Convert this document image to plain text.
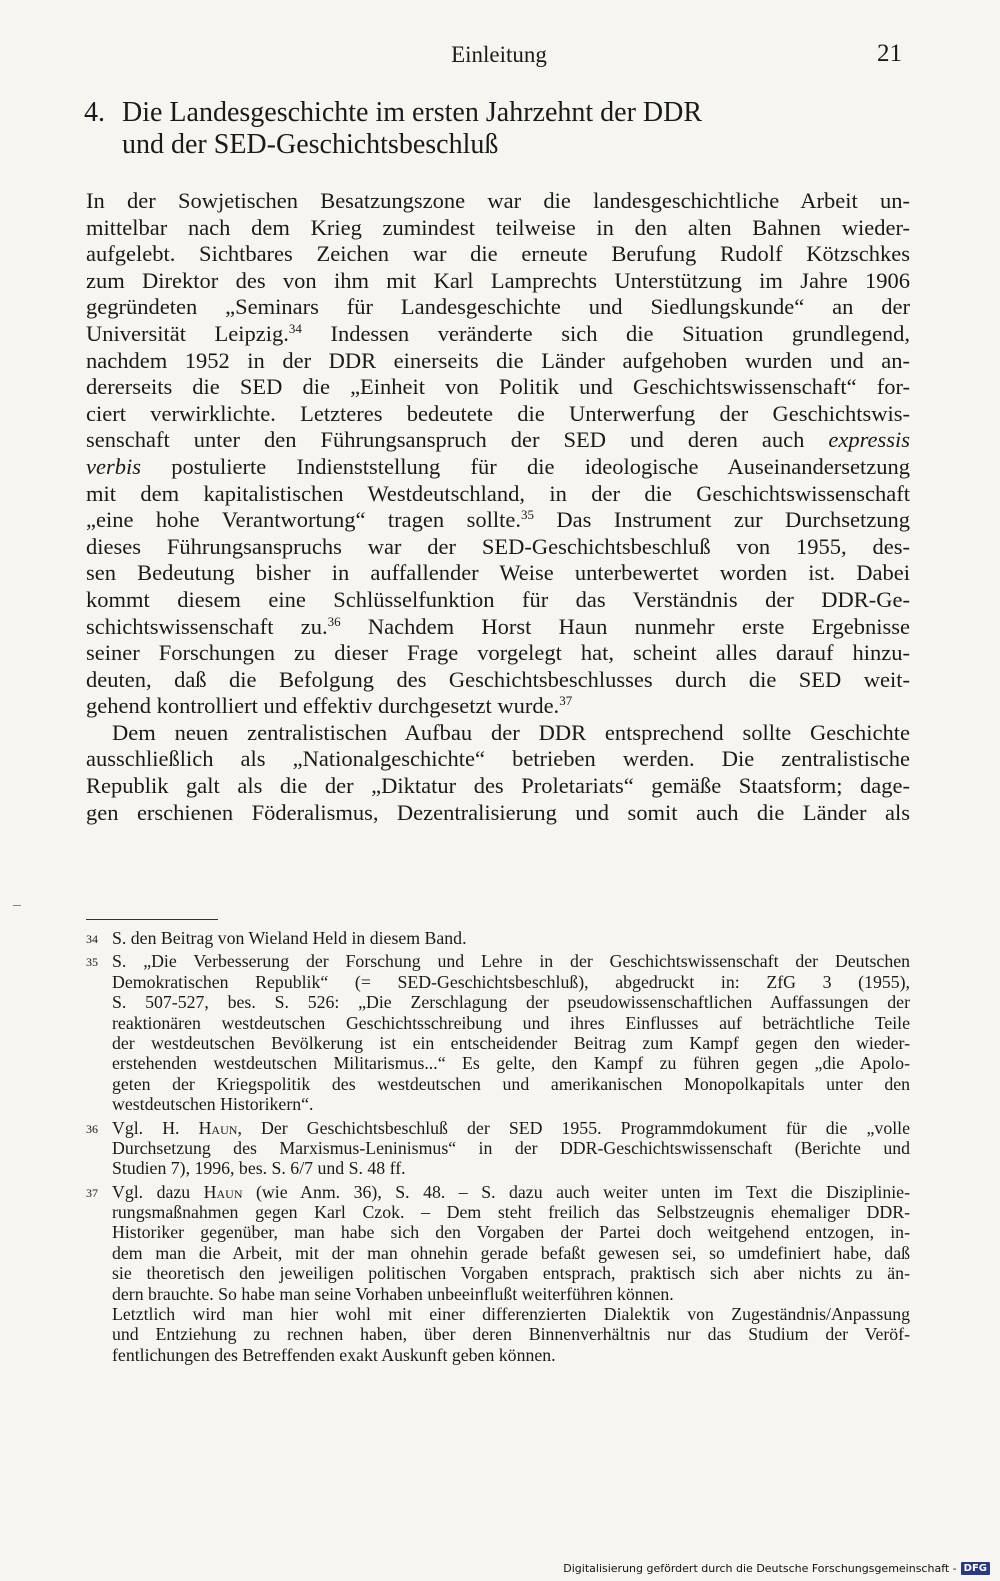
Einleitung	21
4. Die Landesgeschichte im ersten Jahrzehnt der DDR
und der SED-Geschichtsbeschluß
In der Sowjetischen Besatzungszone war die landesgeschichtliche Arbeit un-
mittelbar nach dem Krieg zumindest teilweise in den alten Bahnen wieder-
aufgelebt. Sichtbares Zeichen war die erneute Berufung Rudolf Kötzschkes
zum Direktor des von ihm mit Karl Lamprechts Unterstützung im Jahre 1906
gegründeten „Seminars für Landesgeschichte und Siedlungskunde“ an der
Universität Leipzig.$^{34}$ Indessen veränderte sich die Situation grundlegend,
nachdem 1952 in der DDR einerseits die Länder aufgehoben wurden und an-
dererseits die SED die „Einheit von Politik und Geschichtswissenschaft“ for-
ciert verwirklichte. Letzteres bedeutete die Unterwerfung der Geschichtswis-
senschaft unter den Führungsanspruch der SED und deren auch expressis
verbis postulierte Indienststellung für die ideologische Auseinandersetzung
mit dem kapitalistischen Westdeutschland, in der die Geschichtswissenschaft
„eine hohe Verantwortung“ tragen sollte.$^{35}$ Das Instrument zur Durchsetzung
dieses Führungsanspruchs war der SED-Geschichtsbeschluß von 1955, des-
sen Bedeutung bisher in auffallender Weise unterbewertet worden ist. Dabei
kommt diesem eine Schlüsselfunktion für das Verständnis der DDR-Ge-
schichtswissenschaft zu.$^{36}$ Nachdem Horst Haun nunmehr erste Ergebnisse
seiner Forschungen zu dieser Frage vorgelegt hat, scheint alles darauf hinzu-
deuten, daß die Befolgung des Geschichtsbeschlusses durch die SED weit-
gehend kontrolliert und effektiv durchgesetzt wurde.$^{37}$
Dem neuen zentralistischen Aufbau der DDR entsprechend sollte Geschichte
ausschließlich als „Nationalgeschichte“ betrieben werden. Die zentralistische
Republik galt als die der „Diktatur des Proletariats“ gemäße Staatsform; dage-
gen erschienen Föderalismus, Dezentralisierung und somit auch die Länder als
34 S. den Beitrag von Wieland Held in diesem Band.
35 S. „Die Verbesserung der Forschung und Lehre in der Geschichtswissenschaft der Deutschen
Demokratischen Republik“ (= SED-Geschichtsbeschluß), abgedruckt in: ZfG 3 (1955),
S. 507-527, bes. S. 526: „Die Zerschlagung der pseudowissenschaftlichen Auffassungen der
reaktionären westdeutschen Geschichtsschreibung und ihres Einflusses auf beträchtliche Teile
der westdeutschen Bevölkerung ist ein entscheidender Beitrag zum Kampf gegen den wieder-
erstehenden westdeutschen Militarismus...“ Es gelte, den Kampf zu führen gegen „die Apolo-
geten der Kriegspolitik des westdeutschen und amerikanischen Monopolkapitals unter den
westdeutschen Historikern“.
36 Vgl. H. Haun, Der Geschichtsbeschluß der SED 1955. Programmdokument für die „volle
Durchsetzung des Marxismus-Leninismus“ in der DDR-Geschichtswissenschaft (Berichte und
Studien 7), 1996, bes. S. 6/7 und S. 48 ff.
37 Vgl. dazu Haun (wie Anm. 36), S. 48. – S. dazu auch weiter unten im Text die Disziplinie-
rungsmaßnahmen gegen Karl Czok. – Dem steht freilich das Selbstzeugnis ehemaliger DDR-
Historiker gegenüber, man habe sich den Vorgaben der Partei doch weitgehend entzogen, in-
dem man die Arbeit, mit der man ohnehin gerade befaßt gewesen sei, so umdefiniert habe, daß
sie theoretisch den jeweiligen politischen Vorgaben entsprach, praktisch sich aber nichts zu än-
dern brauchte. So habe man seine Vorhaben unbeeinflußt weiterführen können.
Letztlich wird man hier wohl mit einer differenzierten Dialektik von Zugeständnis/Anpassung
und Entziehung zu rechnen haben, über deren Binnenverhältnis nur das Studium der Veröf-
fentlichungen des Betreffenden exakt Auskunft geben können.
Digitalisierung gefördert durch die Deutsche Forschungsgemeinschaft - DFG
